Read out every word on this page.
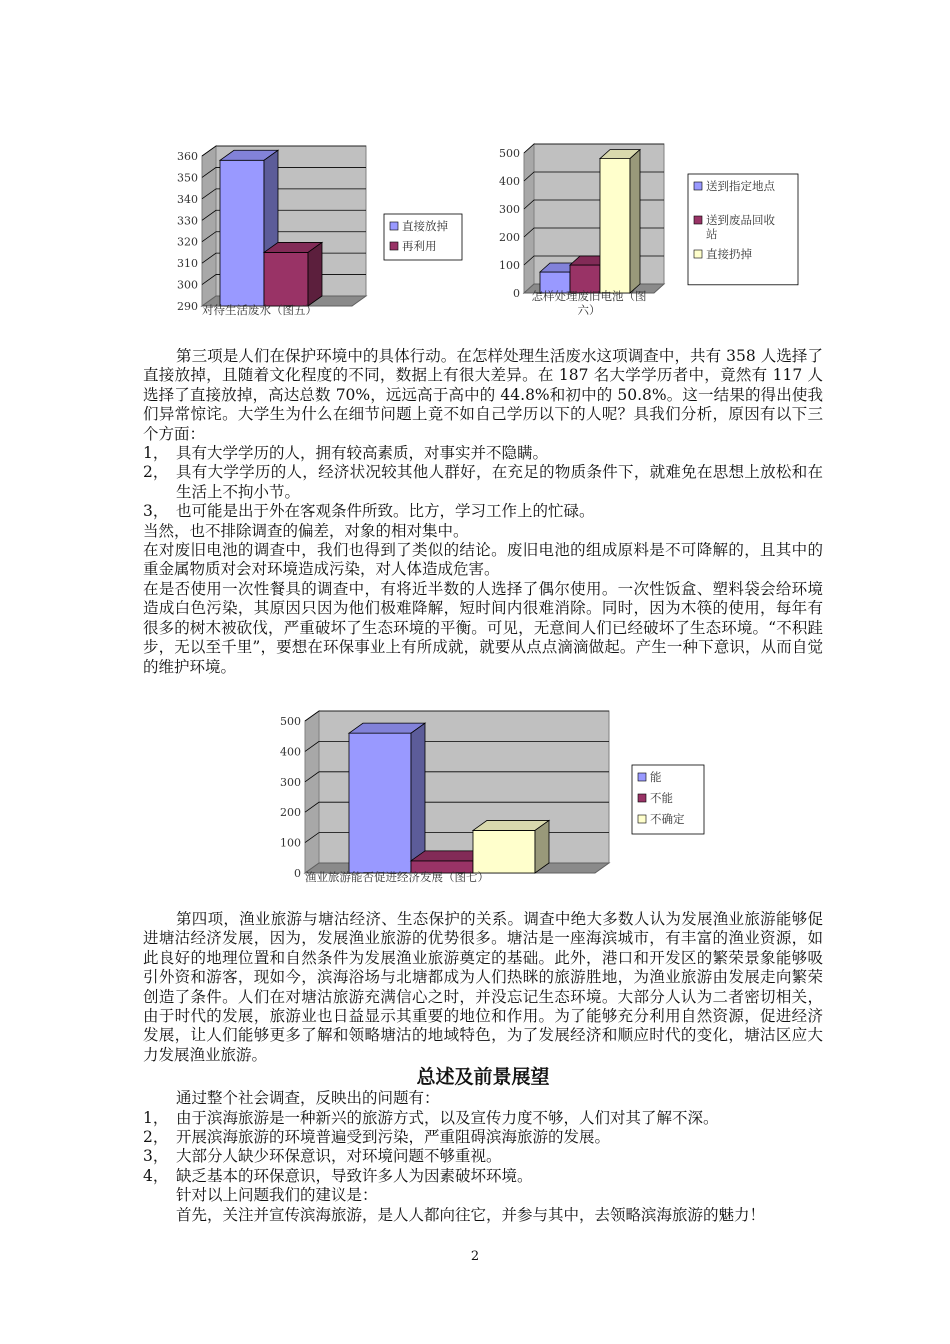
290
300
310
320
330
340
350
360
直接放掉
再利用
对待生活废水（图五）
0
100
200
300
400
500
送到指定地点
送到废品回收
站
直接扔掉
怎样处理废旧电池（图
六）
0
100
200
300
400
500
能
不能
不确定
渔业旅游能否促进经济发展（图七）

第三项是人们在保护环境中的具体行动。在怎样处理生活废水这项调查中，共有 358 人选择了直接放掉，且随着文化程度的不同，数据上有很大差异。在 187 名大学学历者中，竟然有 117 人选择了直接放掉，高达总数 70%，远远高于高中的 44.8%和初中的 50.8%。这一结果的得出使我们异常惊诧。大学生为什么在细节问题上竟不如自己学历以下的人呢？具我们分析，原因有以下三个方面：

1， 具有大学学历的人，拥有较高素质，对事实并不隐瞒。
2， 具有大学学历的人，经济状况较其他人群好，在充足的物质条件下，就难免在思想上放松和在生活上不拘小节。
3， 也可能是出于外在客观条件所致。比方，学习工作上的忙碌。

当然，也不排除调查的偏差，对象的相对集中。

在对废旧电池的调查中，我们也得到了类似的结论。废旧电池的组成原料是不可降解的，且其中的重金属物质对会对环境造成污染，对人体造成危害。

在是否使用一次性餐具的调查中，有将近半数的人选择了偶尔使用。一次性饭盒、塑料袋会给环境造成白色污染，其原因只因为他们极难降解，短时间内很难消除。同时，因为木筷的使用，每年有很多的树木被砍伐，严重破坏了生态环境的平衡。可见，无意间人们已经破坏了生态环境。“不积跬步，无以至千里”，要想在环保事业上有所成就，就要从点点滴滴做起。产生一种下意识，从而自觉的维护环境。

第四项，渔业旅游与塘沽经济、生态保护的关系。调查中绝大多数人认为发展渔业旅游能够促进塘沽经济发展，因为，发展渔业旅游的优势很多。塘沽是一座海滨城市，有丰富的渔业资源，如此良好的地理位置和自然条件为发展渔业旅游奠定的基础。此外，港口和开发区的繁荣景象能够吸引外资和游客，现如今，滨海浴场与北塘都成为人们热眯的旅游胜地，为渔业旅游由发展走向繁荣创造了条件。人们在对塘沽旅游充满信心之时，并没忘记生态环境。大部分人认为二者密切相关，由于时代的发展，旅游业也日益显示其重要的地位和作用。为了能够充分利用自然资源，促进经济发展，让人们能够更多了解和领略塘沽的地域特色，为了发展经济和顺应时代的变化，塘沽区应大力发展渔业旅游。

总述及前景展望

通过整个社会调查，反映出的问题有：

1， 由于滨海旅游是一种新兴的旅游方式，以及宣传力度不够，人们对其了解不深。
2， 开展滨海旅游的环境普遍受到污染，严重阻碍滨海旅游的发展。
3， 大部分人缺少环保意识，对环境问题不够重视。
4， 缺乏基本的环保意识，导致许多人为因素破坏环境。

针对以上问题我们的建议是：

首先，关注并宣传滨海旅游，是人人都向往它，并参与其中，去领略滨海旅游的魅力！

2
